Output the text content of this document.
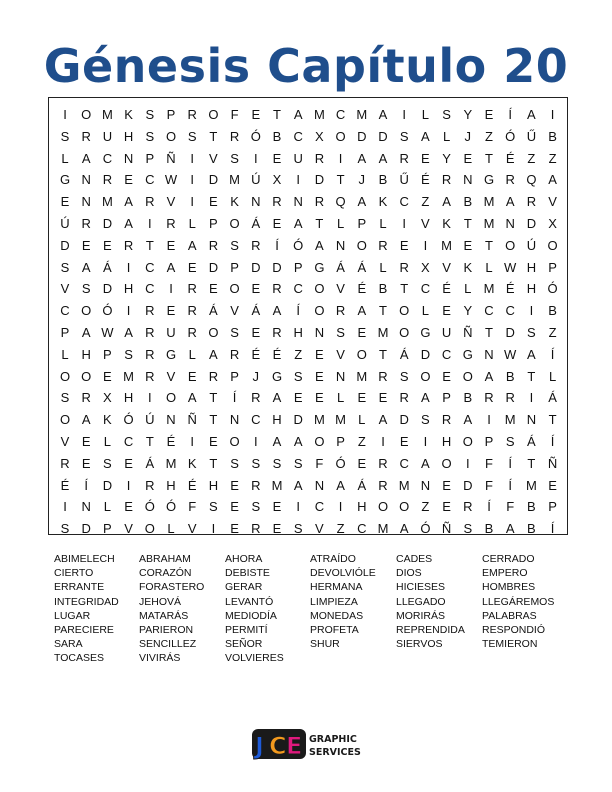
Génesis Capítulo 20
I	O M K S P R O F E T A M C M A	I	L	S Y E	Í	A	I
S R U H S O S T R Ó B C X O D D S A	L	J	Z Ó Ű B
L	A C N P Ñ	I	V S	I	E U R	I	A A R E Y E T É Z	Z
G N R E C W	I	D M Ú X	I	D T	J	B Ű É R N G R Q A
E N M A R V	I	E K N R N R Q A K C Z A B M A R V
Ú R D A	I	R L	P O Á E A T	L	P	L	I	V K T M N D X
D E E R T E A R S R	Í	Ó A N O R E	I	M E T O Ú O
S A Á	I	C A E D P D D P G Á Á	L R X V K	L W H P
V S D H C	I	R E O E R C O V É B T C É	L M É H Ó
C O Ó	I	R E R Á V Á A	Í	O R A T O L	E Y C C	I	B
P A W A R U R O S E R H N S E M O G U Ñ T D S Z
L H P S R G L	A R É É Z E V O T Á D C G N W A	Í
O O E M R V E R P	J G S E N M R S O E O A B T	L
S R X H	I	O A T	Í	R A E E	L	E E R A P B R R	I	Á
O A K Ó Ú N Ñ T N C H D M M L	A D S R A	I	M N T
V E	L C T É	I	E O	I	A A O P Z	I	E	I	H O P S Á	Í
R E S E Á M K T S S S S F Ó E R C A O	I	F	Í	T Ñ
É	Í	D	I	R H É H E R M A N A Á R M N E D F	Í	M E
I	N L	E Ó Ó F S E S E	I	C	I	H O O Z E R	Í	F B P
S D P V O L	V	I	E R E S V Z C M A Ó Ñ S B A B	Í
ABIMELECH
CIERTO
ERRANTE
INTEGRIDAD
LUGAR
PARECIERE
SARA
TOCASES
ABRAHAM
CORAZÓN
FORASTERO
JEHOVÁ
MATARÁS
PARIERON
SENCILLEZ
VIVIRÁS
AHORA
DEBISTE
GERAR
LEVANTÓ
MEDIODÍA
PERMITÍ
SEÑOR
VOLVIERES
ATRAÍDO
DEVOLVIÓLE
HERMANA
LIMPIEZA
MONEDAS
PROFETA
SHUR
CADES
DIOS
HICIESES
LLEGADO
MORIRÁS
REPRENDIDA
SIERVOS
CERRADO
EMPERO
HOMBRES
LLEGÁREMOS
PALABRAS
RESPONDIÓ
TEMIERON
J C E GRAPHIC
SERVICES
